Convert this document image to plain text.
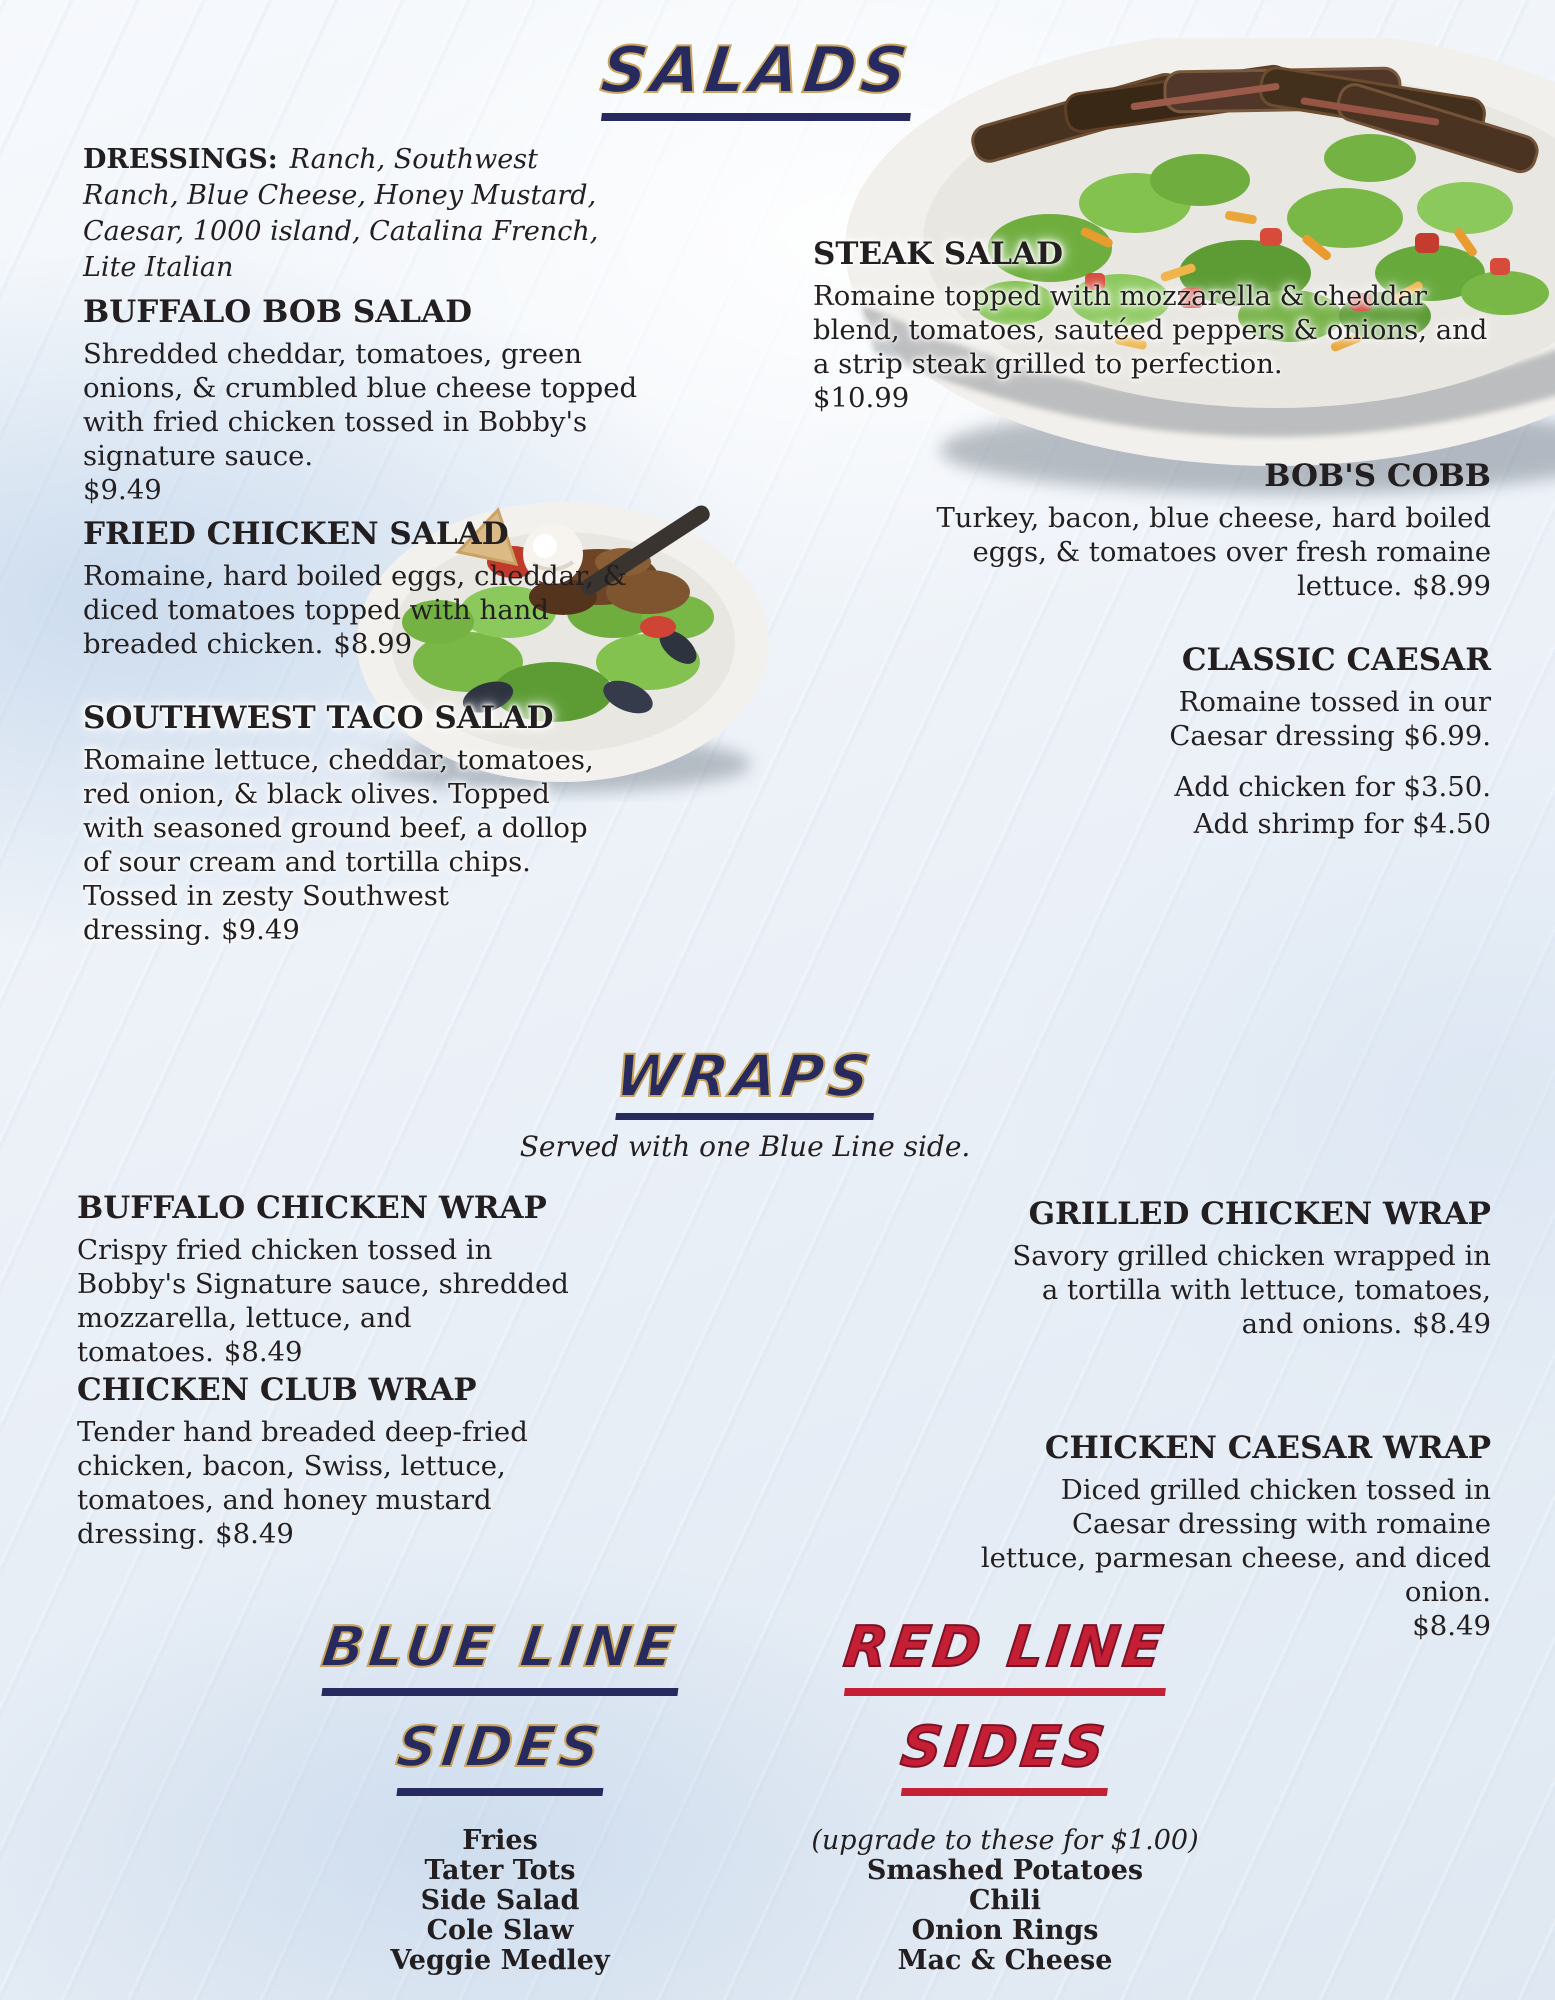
SALADS
DRESSINGS: Ranch, Southwest Ranch, Blue Cheese, Honey Mustard, Caesar, 1000 island, Catalina French, Lite Italian
BUFFALO BOB SALAD

Shredded cheddar, tomatoes, green onions, & crumbled blue cheese topped with fried chicken tossed in Bobby's signature sauce.
$9.49

FRIED CHICKEN SALAD

Romaine, hard boiled eggs, cheddar, & diced tomatoes topped with hand breaded chicken. $8.99

SOUTHWEST TACO SALAD

Romaine lettuce, cheddar, tomatoes, red onion, & black olives. Topped with seasoned ground beef, a dollop of sour cream and tortilla chips. Tossed in zesty Southwest dressing. $9.49

STEAK SALAD

Romaine topped with mozzarella & cheddar blend, tomatoes, sautéed peppers & onions, and a strip steak grilled to perfection.
$10.99

BOB'S COBB

Turkey, bacon, blue cheese, hard boiled eggs, & tomatoes over fresh romaine lettuce. $8.99

CLASSIC CAESAR

Romaine tossed in our Caesar dressing $6.99.

Add chicken for $3.50.
Add shrimp for $4.50

WRAPS
Served with one Blue Line side.
BUFFALO CHICKEN WRAP

Crispy fried chicken tossed in Bobby's Signature sauce, shredded mozzarella, lettuce, and tomatoes. $8.49

CHICKEN CLUB WRAP

Tender hand breaded deep-fried chicken, bacon, Swiss, lettuce, tomatoes, and honey mustard dressing. $8.49

GRILLED CHICKEN WRAP

Savory grilled chicken wrapped in a tortilla with lettuce, tomatoes, and onions. $8.49

CHICKEN CAESAR WRAP

Diced grilled chicken tossed in Caesar dressing with romaine lettuce, parmesan cheese, and diced onion.
$8.49

BLUE LINE
SIDES
Fries
Tater Tots
Side Salad
Cole Slaw
Veggie Medley
RED LINE
SIDES
(upgrade to these for $1.00)
Smashed Potatoes
Chili
Onion Rings
Mac & Cheese
